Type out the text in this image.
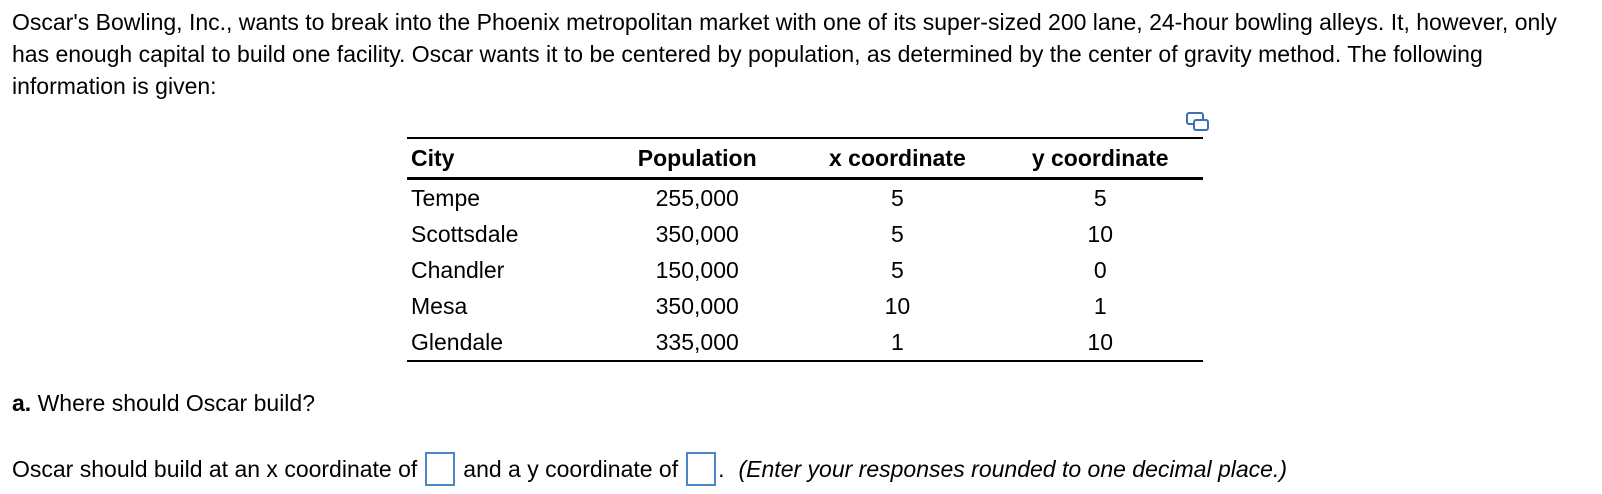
Oscar's Bowling, Inc., wants to break into the Phoenix metropolitan market with one of its super-sized 200 lane, 24-hour bowling alleys. It, however, only has enough capital to build one facility. Oscar wants it to be centered by population, as determined by the center of gravity method. The following information is given:

City	Population	x coordinate	y coordinate
Tempe	255,000	5	5
Scottsdale	350,000	5	10
Chandler	150,000	5	0
Mesa	350,000	10	1
Glendale	335,000	1	10

a. Where should Oscar build?

Oscar should build at an x coordinate of and a y coordinate of . (Enter your responses rounded to one decimal place.)
